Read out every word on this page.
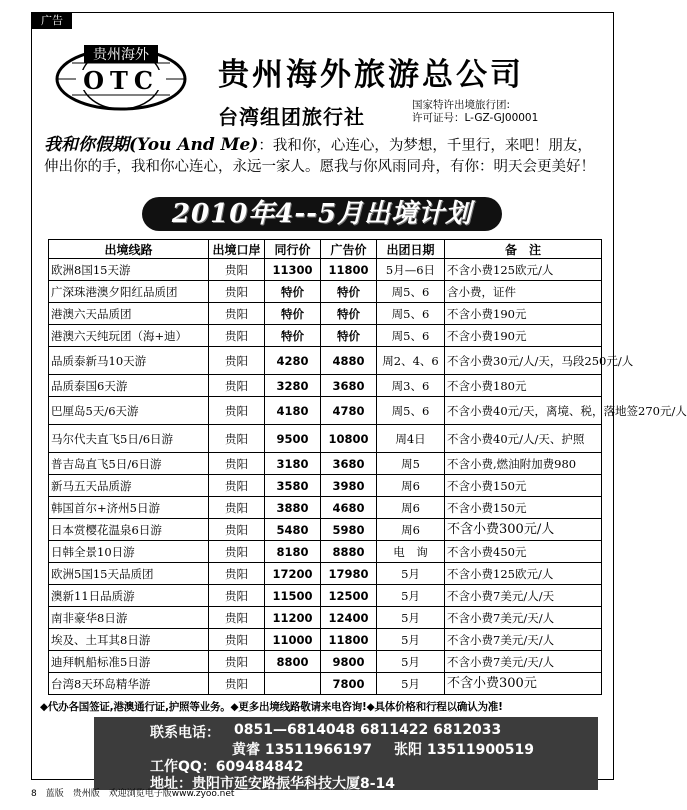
广告
贵州海外
OTC 贵州海外旅游总公司
台湾组团旅行社	国家特许出境旅行团:
许可证号：L-GZ-GJ00001
我和你假期(You And Me)：我和你，心连心，为梦想，千里行，来吧！朋友，伸出你的手，我和你心连心，永远一家人。愿我与你风雨同舟，有你：明天会更美好！
2010年4--5月出境计划
出境线路	出境口岸	同行价	广告价	出团日期	备　注
欧洲8国15天游	贵阳	11300	11800	5月—6日	不含小费125欧元/人
广深珠港澳夕阳红品质团	贵阳	特价	特价	周5、6	含小费，证件
港澳六天品质团	贵阳	特价	特价	周5、6	不含小费190元
港澳六天纯玩团（海+迪）	贵阳	特价	特价	周5、6	不含小费190元
品质泰新马10天游	贵阳	4280	4880	周2、4、6	不含小费30元/人/天，马段250元/人
品质泰国6天游	贵阳	3280	3680	周3、6	不含小费180元
巴厘岛5天/6天游	贵阳	4180	4780	周5、6	不含小费40元/天，离境、税，落地签270元/人
马尔代夫直飞5日/6日游	贵阳	9500	10800	周4日	不含小费40元/人/天、护照
普吉岛直飞5日/6日游	贵阳	3180	3680	周5	不含小费,燃油附加费980
新马五天品质游	贵阳	3580	3980	周6	不含小费150元
韩国首尔+济州5日游	贵阳	3880	4680	周6	不含小费150元
日本赏樱花温泉6日游	贵阳	5480	5980	周6	不含小费300元/人
日韩全景10日游	贵阳	8180	8880	电　询	不含小费450元
欧洲5国15天品质团	贵阳	17200	17980	5月	不含小费125欧元/人
澳新11日品质游	贵阳	11500	12500	5月	不含小费7美元/人/天
南非豪华8日游	贵阳	11200	12400	5月	不含小费7美元/天/人
埃及、土耳其8日游	贵阳	11000	11800	5月	不含小费7美元/天/人
迪拜帆船标准5日游	贵阳	8800	9800	5月	不含小费7美元/天/人
台湾8天环岛精华游	贵阳		7800	5月	不含小费300元
◆代办各国签证,港澳通行证,护照等业务。◆更多出境线路敬请来电咨询!◆具体价格和行程以确认为准!
联系电话： 0851—6814048 6811422 6812033
黄睿 13511966197 张阳 13511900519
工作QQ：609484842
地址：贵阳市延安路振华科技大厦8-14
8　蓝版　贵州版　欢迎浏览电子版www.zyoo.net
